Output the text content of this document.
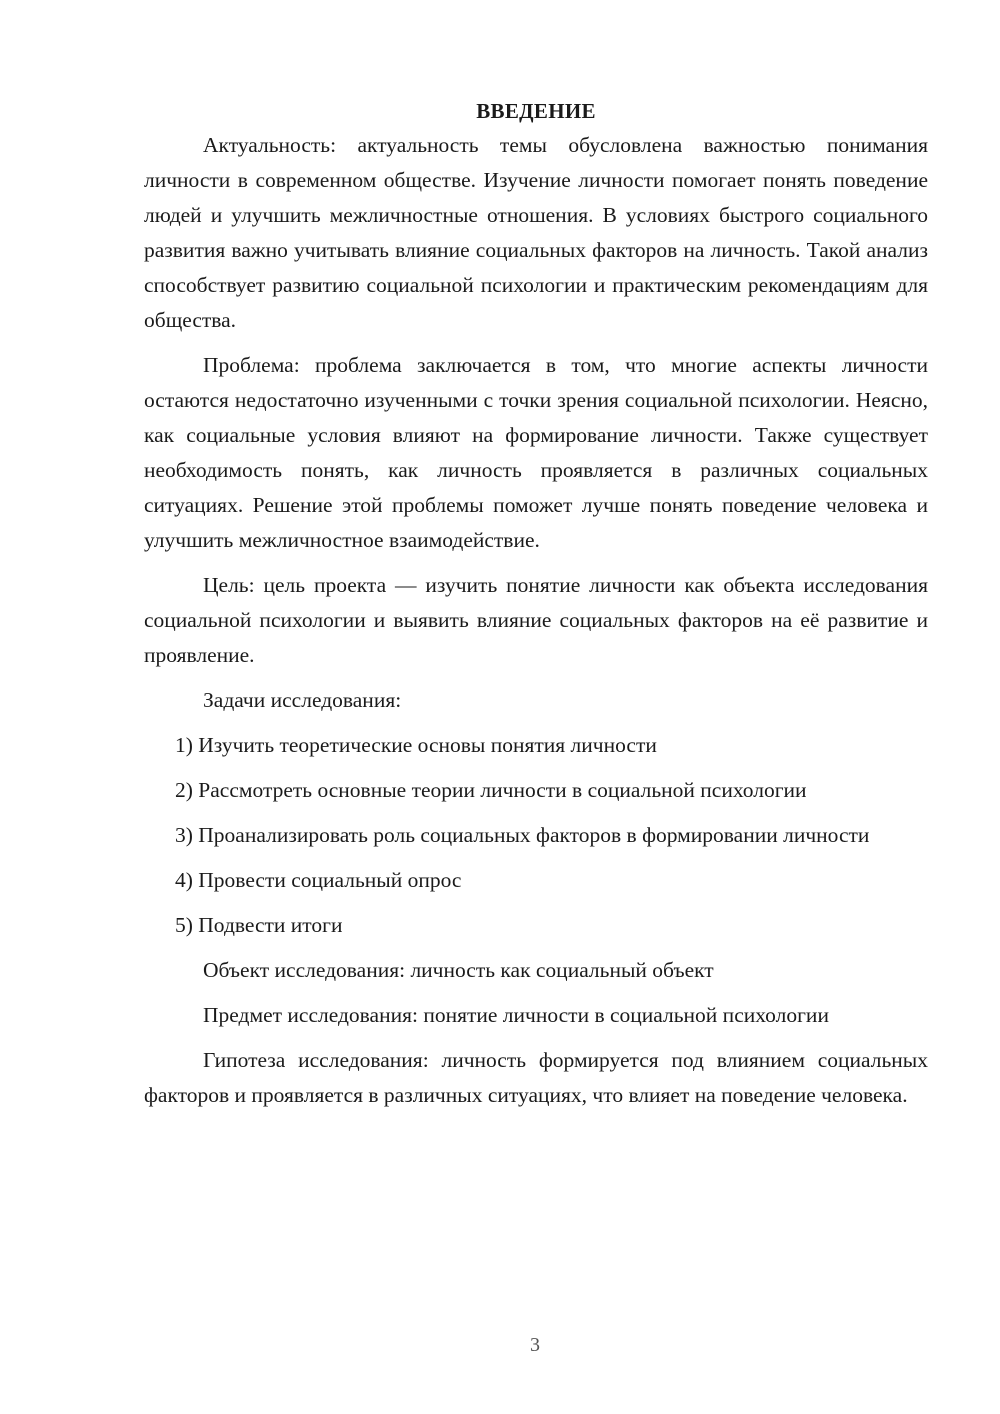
ВВЕДЕНИЕ

Актуальность: актуальность темы обусловлена важностью понимания личности в современном обществе. Изучение личности помогает понять поведение людей и улучшить межличностные отношения. В условиях быстрого социального развития важно учитывать влияние социальных факторов на личность. Такой анализ способствует развитию социальной психологии и практическим рекомендациям для общества.

Проблема: проблема заключается в том, что многие аспекты личности остаются недостаточно изученными с точки зрения социальной психологии. Неясно, как социальные условия влияют на формирование личности. Также существует необходимость понять, как личность проявляется в различных социальных ситуациях. Решение этой проблемы поможет лучше понять поведение человека и улучшить межличностное взаимодействие.

Цель: цель проекта — изучить понятие личности как объекта исследования социальной психологии и выявить влияние социальных факторов на её развитие и проявление.

Задачи исследования:

1) Изучить теоретические основы понятия личности

2) Рассмотреть основные теории личности в социальной психологии

3) Проанализировать роль социальных факторов в формировании личности

4) Провести социальный опрос

5) Подвести итоги

Объект исследования: личность как социальный объект

Предмет исследования: понятие личности в социальной психологии

Гипотеза исследования: личность формируется под влиянием социальных факторов и проявляется в различных ситуациях, что влияет на поведение человека.

3
